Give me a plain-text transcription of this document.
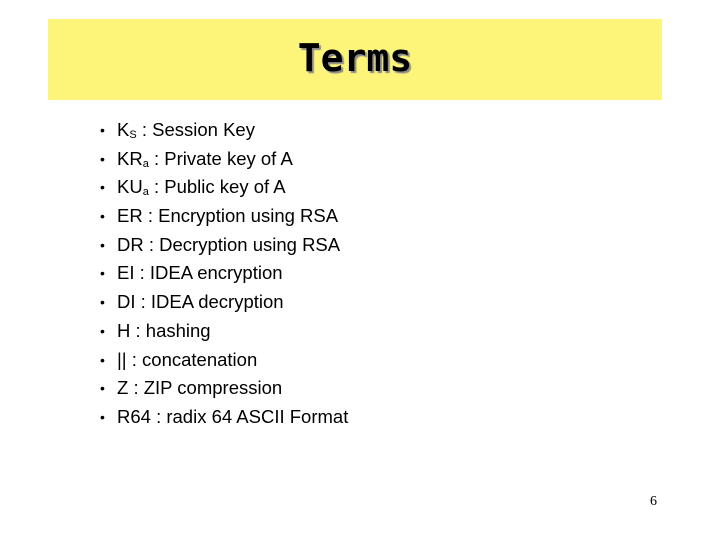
Terms
• KS : Session Key
• KRa : Private key of A
• KUa : Public key of A
• ER : Encryption using RSA
• DR : Decryption using RSA
• EI : IDEA encryption
• DI : IDEA decryption
• H : hashing
• || : concatenation
• Z : ZIP compression
• R64 : radix 64 ASCII Format
6
